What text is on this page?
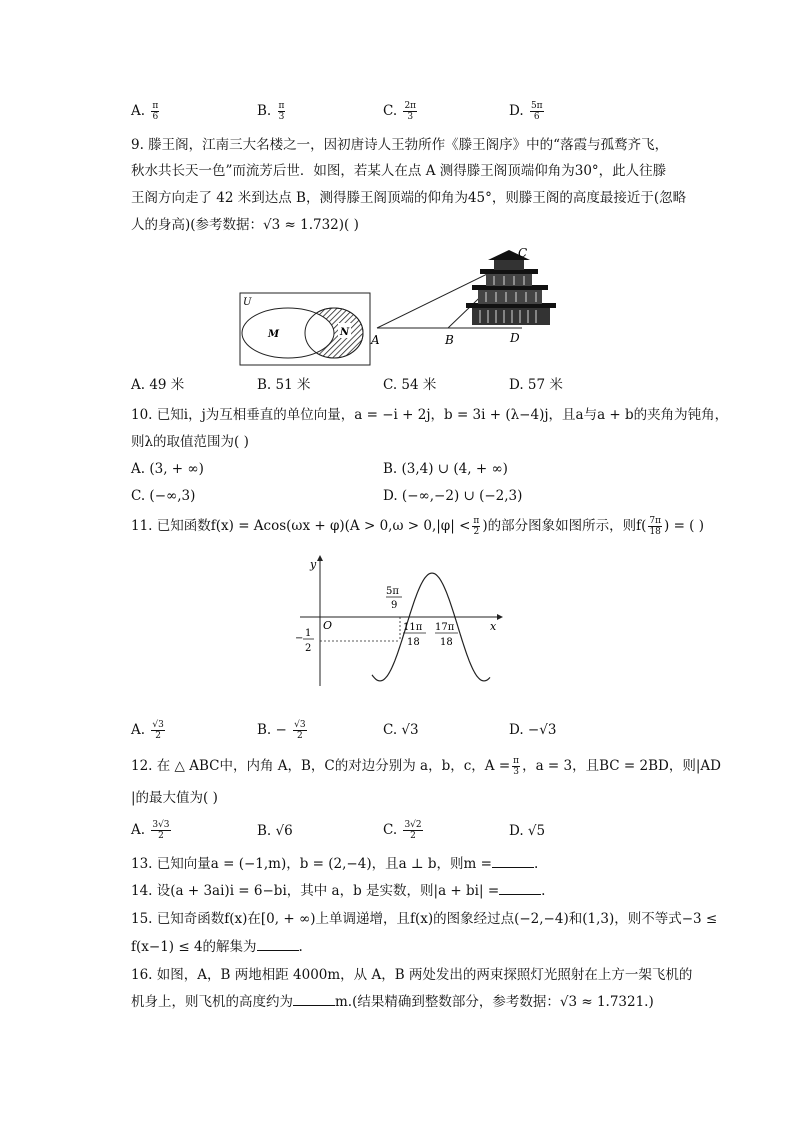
A. $\frac{\pi}{6}$	B. $\frac{\pi}{3}$	C. $\frac{2\pi}{3}$	D. $\frac{5\pi}{6}$
9. 滕王阁，江南三大名楼之一，因初唐诗人王勃所作《滕王阁序》中的“落霞与孤鹜齐飞，
秋水共长天一色”而流芳后世．如图，若某人在点 A 测得滕王阁顶端仰角为30°，此人往滕
王阁方向走了 42 米到达点 B，测得滕王阁顶端的仰角为45°，则滕王阁的高度最接近于(忽略
人的身高)(参考数据：√3 ≈ 1.732)( )
U
M	N
A	B
C
D
A. 49 米	B. 51 米	C. 54 米	D. 57 米
10. 已知i，j为互相垂直的单位向量，a = −i + 2j，b = 3i + (λ−4)j，且a与a + b的夹角为钝角，
则λ的取值范围为( )
A. (3, + ∞)	B. (3,4) ∪ (4, + ∞)
C. (−∞,3)	D. (−∞,−2) ∪ (−2,3)
11. 已知函数$f(x) = Acos(\omega x + \varphi)(A > 0,\omega > 0,|\varphi| < \frac{\pi}{2}$ )的部分图象如图所示，则$f( \frac{7\pi}{18}$ ) = ( )
y
x
O
5π
9
11π
18
17π
18
− 1
2
A. $\frac{√3}{2}$	B. − $\frac{√3}{2}$	C. √3	D. −√3
12. 在 △ ABC中，内角 A，B，C的对边分别为 a，b，c，$A = \frac{\pi}{3}$ ，a = 3，且BC = 2BD，则|AD
|的最大值为( )
A. $\frac{3√3}{2}$	B. √6	C. $\frac{3√2}{2}$	D. √5
13. 已知向量a = (−1,m)，b = (2,−4)，且a ⊥ b，则m =	.
14. 设(a + 3ai)i = 6−bi，其中 a，b 是实数，则|a + bi| =	.
15. 已知奇函数f(x)在[0, + ∞)上单调递增，且f(x)的图象经过点(−2,−4)和(1,3)，则不等式−3 ≤
f(x−1) ≤ 4的解集为	.
16. 如图，A，B 两地相距 4000m，从 A，B 两处发出的两束探照灯光照射在上方一架飞机的
机身上，则飞机的高度约为	m.(结果精确到整数部分，参考数据：√3 ≈ 1.7321.)
